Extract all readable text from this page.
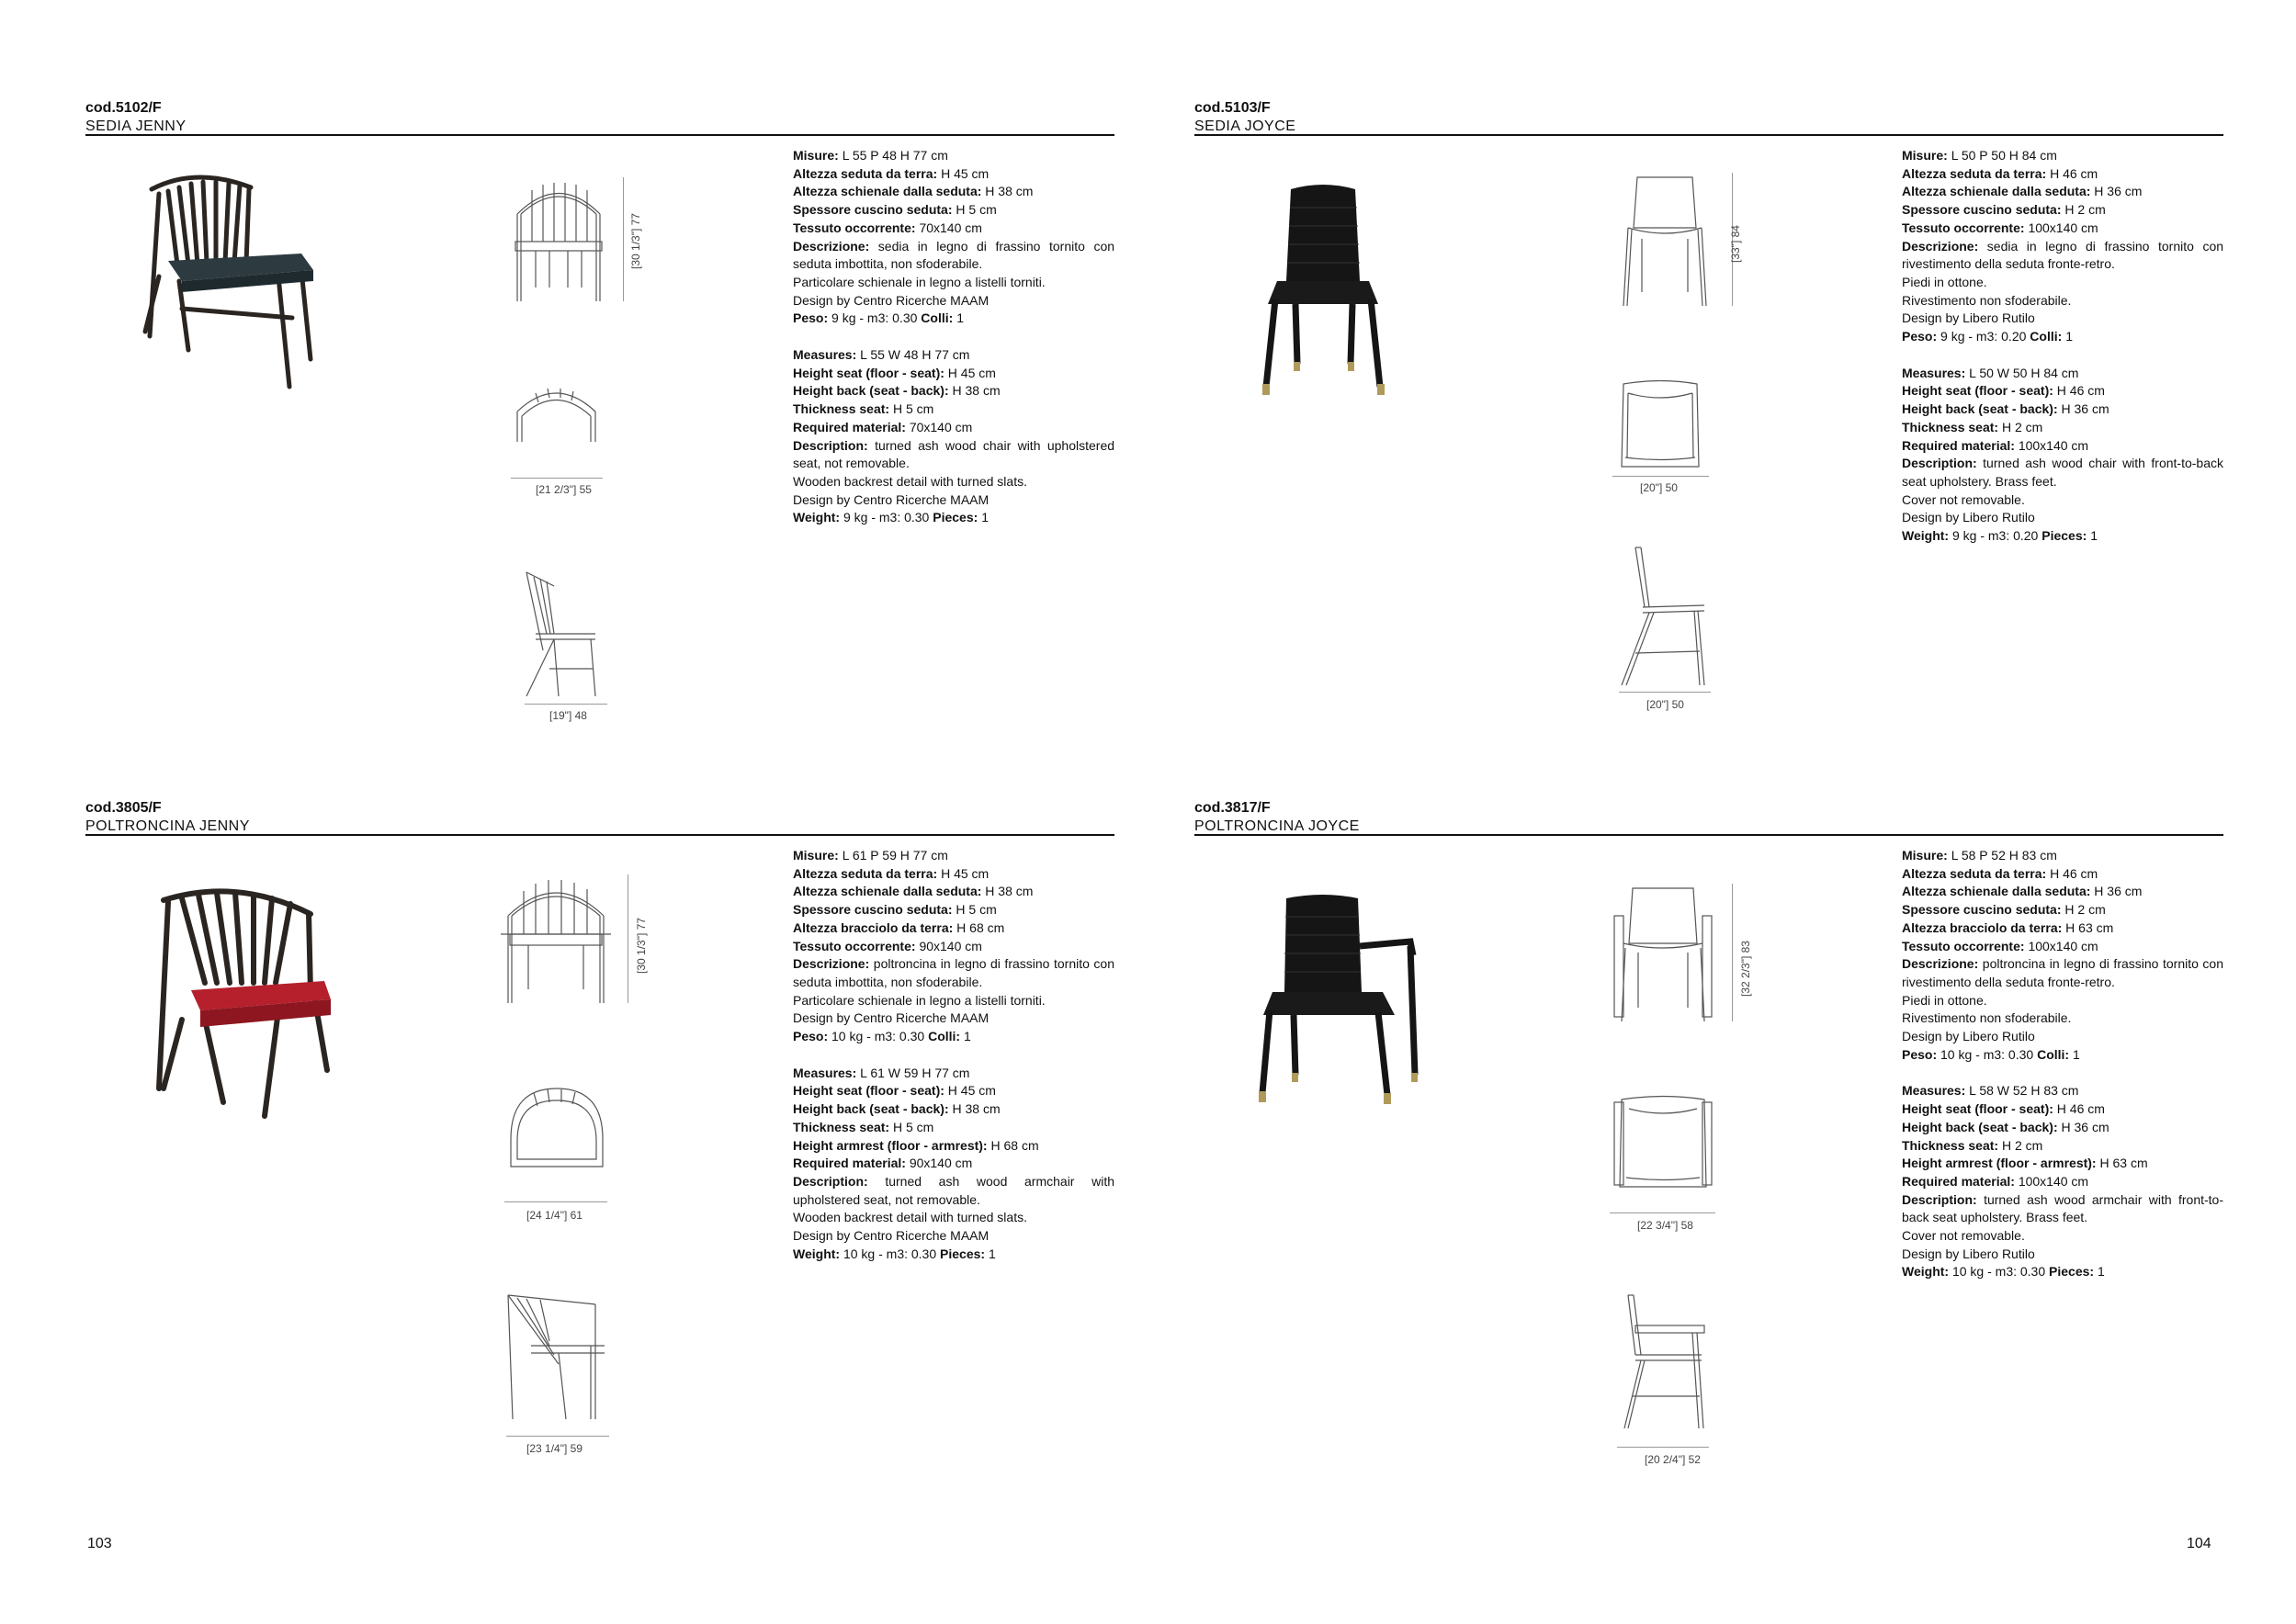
cod.5102/F
SEDIA JENNY
[30 1/3"] 77
[21 2/3"] 55
[19"] 48

Misure: L 55 P 48 H 77 cm

Altezza seduta da terra: H 45 cm

Altezza schienale dalla seduta: H 38 cm

Spessore cuscino seduta: H 5 cm

Tessuto occorrente: 70x140 cm

Descrizione: sedia in legno di frassino tornito con seduta imbottita, non sfoderabile.

Particolare schienale in legno a listelli torniti.

Design by Centro Ricerche MAAM

Peso: 9 kg - m3: 0.30 Colli: 1

Measures: L 55 W 48 H 77 cm

Height seat (floor - seat): H 45 cm

Height back (seat - back): H 38 cm

Thickness seat: H 5 cm

Required material: 70x140 cm

Description: turned ash wood chair with upholstered seat, not removable.

Wooden backrest detail with turned slats.

Design by Centro Ricerche MAAM

Weight: 9 kg - m3: 0.30 Pieces: 1

cod.5103/F
SEDIA JOYCE
[33"] 84
[20"] 50
[20"] 50

Misure: L 50 P 50 H 84 cm

Altezza seduta da terra: H 46 cm

Altezza schienale dalla seduta: H 36 cm

Spessore cuscino seduta: H 2 cm

Tessuto occorrente: 100x140 cm

Descrizione: sedia in legno di frassino tornito con rivestimento della seduta fronte-retro.

Piedi in ottone.

Rivestimento non sfoderabile.

Design by Libero Rutilo

Peso: 9 kg - m3: 0.20 Colli: 1

Measures: L 50 W 50 H 84 cm

Height seat (floor - seat): H 46 cm

Height back (seat - back): H 36 cm

Thickness seat: H 2 cm

Required material: 100x140 cm

Description: turned ash wood chair with front-to-back seat upholstery. Brass feet.

Cover not removable.

Design by Libero Rutilo

Weight: 9 kg - m3: 0.20 Pieces: 1

cod.3805/F
POLTRONCINA JENNY
[30 1/3"] 77
[24 1/4"] 61
[23 1/4"] 59

Misure: L 61 P 59 H 77 cm

Altezza seduta da terra: H 45 cm

Altezza schienale dalla seduta: H 38 cm

Spessore cuscino seduta: H 5 cm

Altezza bracciolo da terra: H 68 cm

Tessuto occorrente: 90x140 cm

Descrizione: poltroncina in legno di frassino tornito con seduta imbottita, non sfoderabile.

Particolare schienale in legno a listelli torniti.

Design by Centro Ricerche MAAM

Peso: 10 kg - m3: 0.30 Colli: 1

Measures: L 61 W 59 H 77 cm

Height seat (floor - seat): H 45 cm

Height back (seat - back): H 38 cm

Thickness seat: H 5 cm

Height armrest (floor - armrest): H 68 cm

Required material: 90x140 cm

Description: turned ash wood armchair with upholstered seat, not removable.

Wooden backrest detail with turned slats.

Design by Centro Ricerche MAAM

Weight: 10 kg - m3: 0.30 Pieces: 1

cod.3817/F
POLTRONCINA JOYCE
[32 2/3"] 83
[22 3/4"] 58
[20 2/4"] 52

Misure: L 58 P 52 H 83 cm

Altezza seduta da terra: H 46 cm

Altezza schienale dalla seduta: H 36 cm

Spessore cuscino seduta: H 2 cm

Altezza bracciolo da terra: H 63 cm

Tessuto occorrente: 100x140 cm

Descrizione: poltroncina in legno di frassino tornito con rivestimento della seduta fronte-retro.

Piedi in ottone.

Rivestimento non sfoderabile.

Design by Libero Rutilo

Peso: 10 kg - m3: 0.30 Colli: 1

Measures: L 58 W 52 H 83 cm

Height seat (floor - seat): H 46 cm

Height back (seat - back): H 36 cm

Thickness seat: H 2 cm

Height armrest (floor - armrest): H 63 cm

Required material: 100x140 cm

Description: turned ash wood armchair with front-to-back seat upholstery. Brass feet.

Cover not removable.

Design by Libero Rutilo

Weight: 10 kg - m3: 0.30 Pieces: 1

103	104
